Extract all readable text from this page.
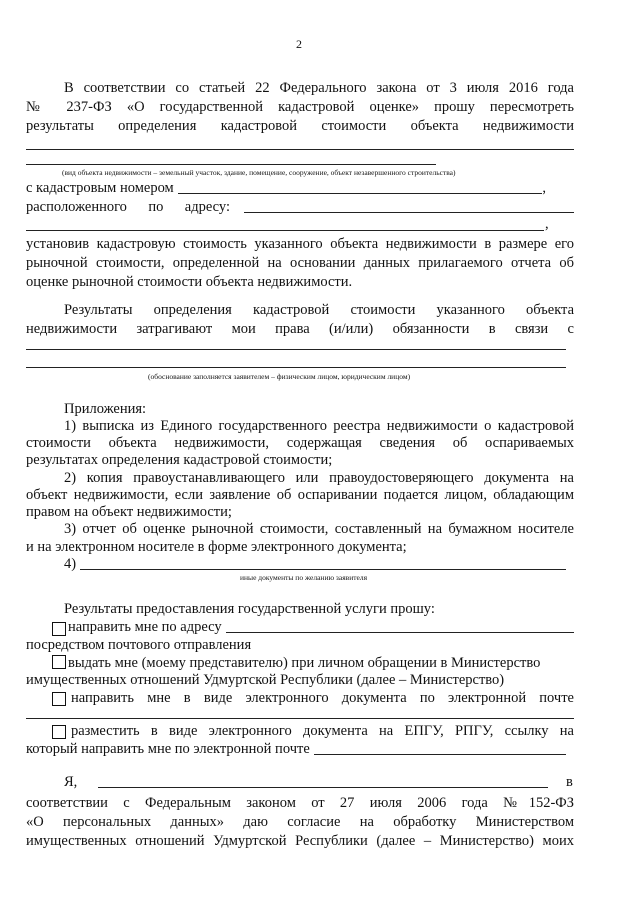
2
В соответствии со статьей 22 Федерального закона от 3 июля 2016 года
№ 237-ФЗ «О государственной кадастровой оценке» прошу пересмотреть
результаты определения кадастровой стоимости объекта недвижимости
(вид объекта недвижимости – земельный участок, здание, помещение, сооружение, объект незавершенного строительства)
с кадастровым номером	,
расположенного по адресу:
,
установив кадастровую стоимость указанного объекта недвижимости в размере его
рыночной стоимости, определенной на основании данных прилагаемого отчета об
оценке рыночной стоимости объекта недвижимости.
Результаты определения кадастровой стоимости указанного объекта
недвижимости затрагивают мои права (и/или) обязанности в связи с
(обоснование заполняется заявителем – физическим лицом, юридическим лицом)
Приложения:
1) выписка из Единого государственного реестра недвижимости о кадастровой
стоимости объекта недвижимости, содержащая сведения об оспариваемых
результатах определения кадастровой стоимости;
2) копия правоустанавливающего или правоудостоверяющего документа на
объект недвижимости, если заявление об оспаривании подается лицом, обладающим
правом на объект недвижимости;
3) отчет об оценке рыночной стоимости, составленный на бумажном носителе
и на электронном носителе в форме электронного документа;
4)
иные документы по желанию заявителя
Результаты предоставления государственной услуги прошу:
направить мне по адресу
посредством почтового отправления
выдать мне (моему представителю) при личном обращении в Министерство
имущественных отношений Удмуртской Республики (далее – Министерство)
направить мне в виде электронного документа по электронной почте
разместить в виде электронного документа на ЕПГУ, РПГУ, ссылку на
который направить мне по электронной почте
Я,	в
соответствии с Федеральным законом от 27 июля 2006 года №152-ФЗ
«О персональных данных» даю согласие на обработку Министерством
имущественных отношений Удмуртской Республики (далее – Министерство) моих
